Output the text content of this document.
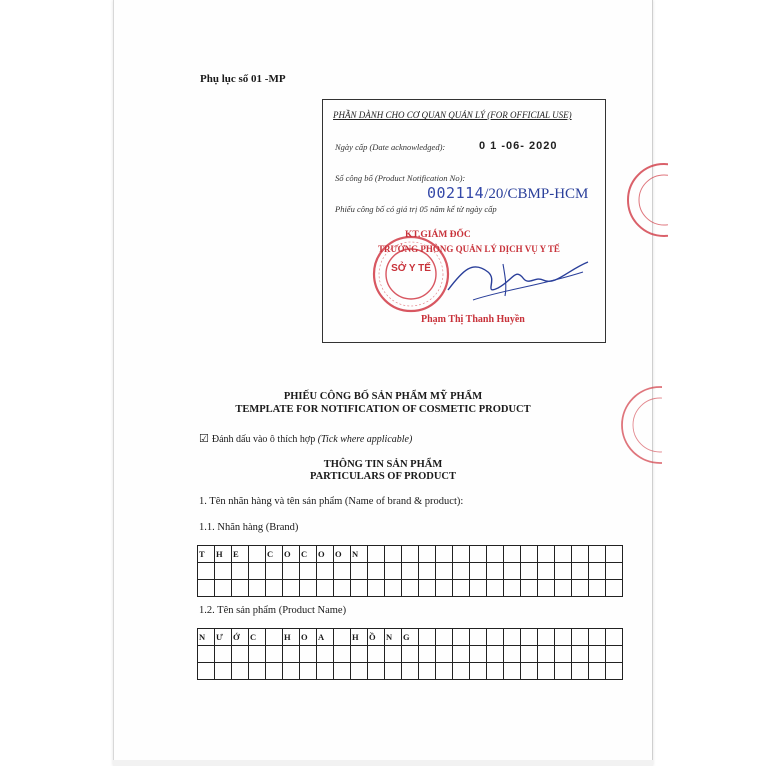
Phụ lục số 01 -MP
PHẦN DÀNH CHO CƠ QUAN QUẢN LÝ (FOR OFFICIAL USE)
Ngày cấp (Date acknowledged):	0 1 -06- 2020
Số công bố (Product Notification No):
002114/20/CBMP-HCM
Phiếu công bố có giá trị 05 năm kể từ ngày cấp
SỞ Y TẾ
KT.GIÁM ĐỐC
TRƯỞNG PHÒNG QUẢN LÝ DỊCH VỤ Y TẾ
Phạm Thị Thanh Huyền
PHIẾU CÔNG BỐ SẢN PHẨM MỸ PHẨM
TEMPLATE FOR NOTIFICATION OF COSMETIC PRODUCT
☑ Đánh dấu vào ô thích hợp (Tick where applicable)
THÔNG TIN SẢN PHẨM
PARTICULARS OF PRODUCT
1. Tên nhãn hàng và tên sản phẩm (Name of brand & product):
1.1. Nhãn hàng (Brand)
T	H	E		C	O	C	O	O	N															

1.2. Tên sản phẩm (Product Name)
N	Ư	Ớ	C		H	O	A		H	Ồ	N	G												
